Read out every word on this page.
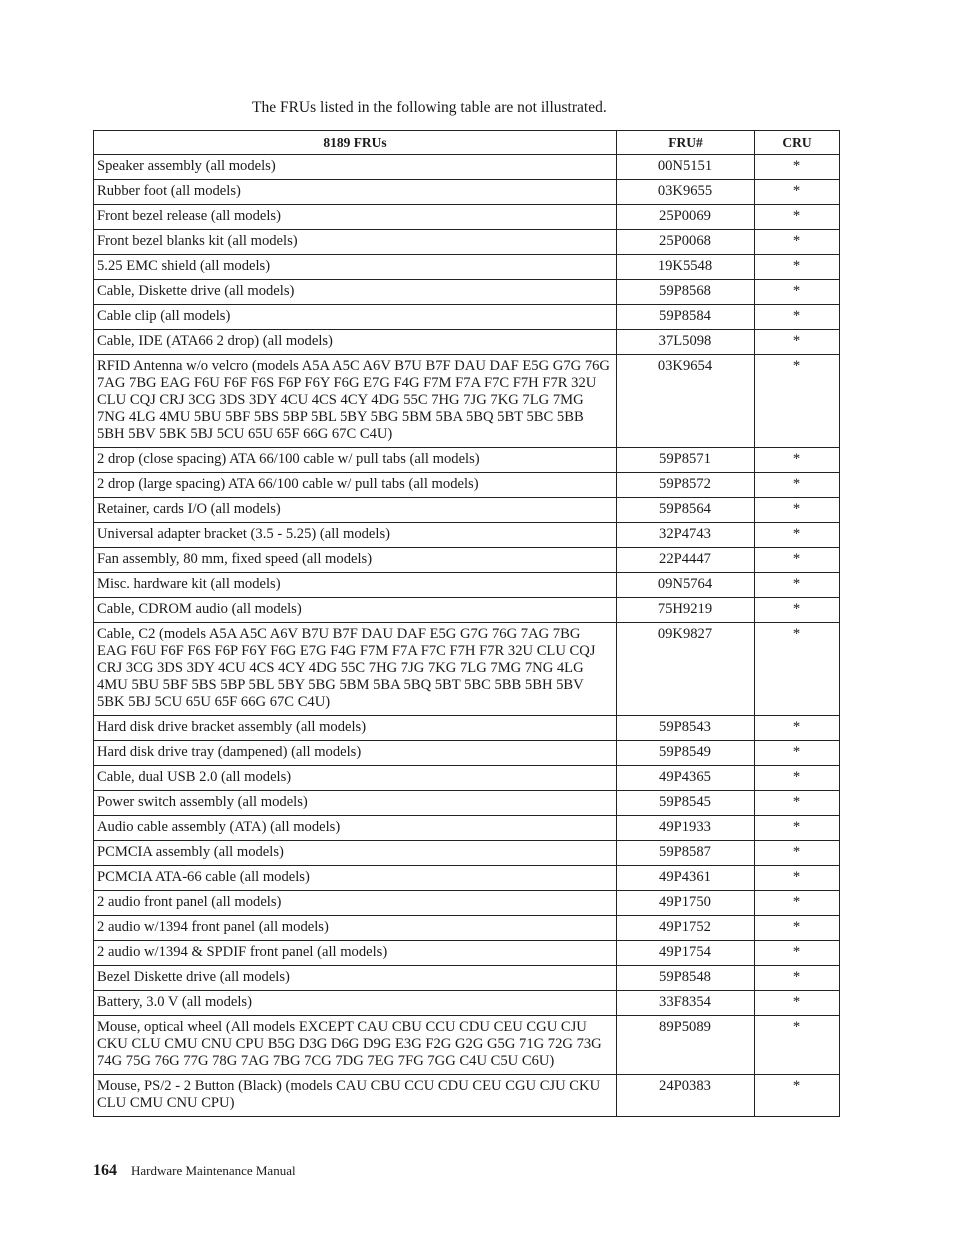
The FRUs listed in the following table are not illustrated.

8189 FRUs	FRU#	CRU
Speaker assembly (all models)	00N5151	*
Rubber foot (all models)	03K9655	*
Front bezel release (all models)	25P0069	*
Front bezel blanks kit (all models)	25P0068	*
5.25 EMC shield (all models)	19K5548	*
Cable, Diskette drive (all models)	59P8568	*
Cable clip (all models)	59P8584	*
Cable, IDE (ATA66 2 drop) (all models)	37L5098	*
RFID Antenna w/o velcro (models A5A A5C A6V B7U B7F DAU DAF E5G G7G 76G 7AG 7BG EAG F6U F6F F6S F6P F6Y F6G E7G F4G F7M F7A F7C F7H F7R 32U CLU CQJ CRJ 3CG 3DS 3DY 4CU 4CS 4CY 4DG 55C 7HG 7JG 7KG 7LG 7MG 7NG 4LG 4MU 5BU 5BF 5BS 5BP 5BL 5BY 5BG 5BM 5BA 5BQ 5BT 5BC 5BB 5BH 5BV 5BK 5BJ 5CU 65U 65F 66G 67C C4U)	03K9654	*
2 drop (close spacing) ATA 66/100 cable w/ pull tabs (all models)	59P8571	*
2 drop (large spacing) ATA 66/100 cable w/ pull tabs (all models)	59P8572	*
Retainer, cards I/O (all models)	59P8564	*
Universal adapter bracket (3.5 - 5.25) (all models)	32P4743	*
Fan assembly, 80 mm, fixed speed (all models)	22P4447	*
Misc. hardware kit (all models)	09N5764	*
Cable, CDROM audio (all models)	75H9219	*
Cable, C2 (models A5A A5C A6V B7U B7F DAU DAF E5G G7G 76G 7AG 7BG EAG F6U F6F F6S F6P F6Y F6G E7G F4G F7M F7A F7C F7H F7R 32U CLU CQJ CRJ 3CG 3DS 3DY 4CU 4CS 4CY 4DG 55C 7HG 7JG 7KG 7LG 7MG 7NG 4LG 4MU 5BU 5BF 5BS 5BP 5BL 5BY 5BG 5BM 5BA 5BQ 5BT 5BC 5BB 5BH 5BV 5BK 5BJ 5CU 65U 65F 66G 67C C4U)	09K9827	*
Hard disk drive bracket assembly (all models)	59P8543	*
Hard disk drive tray (dampened) (all models)	59P8549	*
Cable, dual USB 2.0 (all models)	49P4365	*
Power switch assembly (all models)	59P8545	*
Audio cable assembly (ATA) (all models)	49P1933	*
PCMCIA assembly (all models)	59P8587	*
PCMCIA ATA-66 cable (all models)	49P4361	*
2 audio front panel (all models)	49P1750	*
2 audio w/1394 front panel (all models)	49P1752	*
2 audio w/1394 & SPDIF front panel (all models)	49P1754	*
Bezel Diskette drive (all models)	59P8548	*
Battery, 3.0 V (all models)	33F8354	*
Mouse, optical wheel (All models EXCEPT CAU CBU CCU CDU CEU CGU CJU CKU CLU CMU CNU CPU B5G D3G D6G D9G E3G F2G G2G G5G 71G 72G 73G 74G 75G 76G 77G 78G 7AG 7BG 7CG 7DG 7EG 7FG 7GG C4U C5U C6U)	89P5089	*
Mouse, PS/2 - 2 Button (Black) (models CAU CBU CCU CDU CEU CGU CJU CKU CLU CMU CNU CPU)	24P0383	*

164 Hardware Maintenance Manual
